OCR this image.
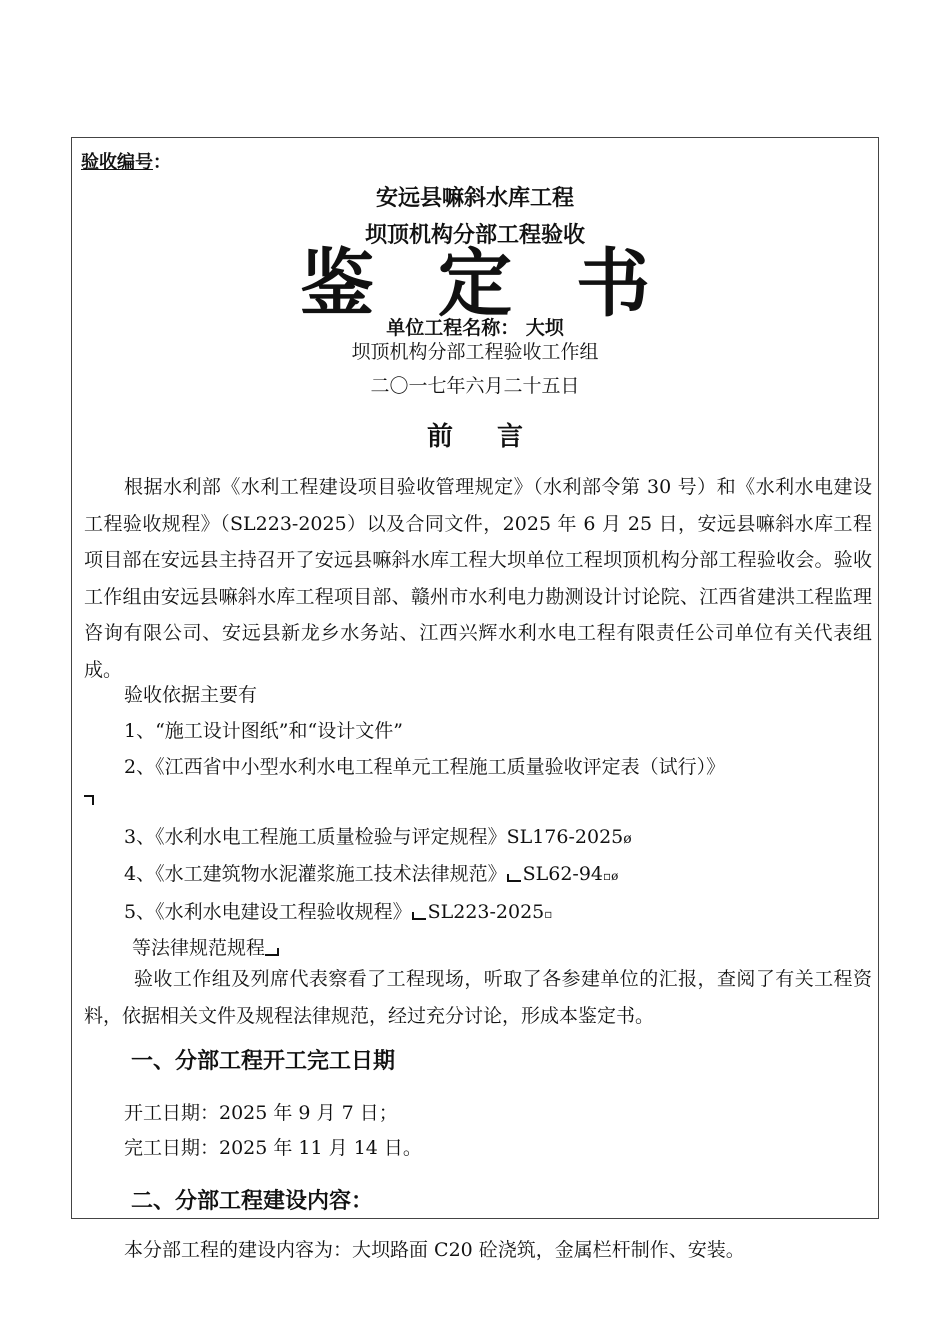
验收编号：
安远县嘛斜水库工程
坝顶机构分部工程验收
鉴 定 书
单位工程名称： 大坝
坝顶机构分部工程验收工作组
二〇一七年六月二十五日
前 言
根据水利部《水利工程建设项目验收管理规定》（水利部令第 30 号）和《水利水电建设工程验收规程》（SL223-2025）以及合同文件，2025 年 6 月 25 日，安远县嘛斜水库工程项目部在安远县主持召开了安远县嘛斜水库工程大坝单位工程坝顶机构分部工程验收会。验收工作组由安远县嘛斜水库工程项目部、赣州市水利电力勘测设计讨论院、江西省建洪工程监理咨询有限公司、安远县新龙乡水务站、江西兴辉水利水电工程有限责任公司单位有关代表组成。
验收依据主要有
1、“施工设计图纸”和“设计文件”
2、《江西省中小型水利水电工程单元工程施工质量验收评定表（试行）》
3、《水利水电工程施工质量检验与评定规程》SL176-2025ø
4、《水工建筑物水泥灌浆施工技术法律规范》 SL62-94▫ø
5、《水利水电建设工程验收规程》 SL223-2025▫
等法律规范规程
验收工作组及列席代表察看了工程现场，听取了各参建单位的汇报，查阅了有关工程资料，依据相关文件及规程法律规范，经过充分讨论，形成本鉴定书。
一、分部工程开工完工日期
开工日期：2025 年 9 月 7 日；
完工日期：2025 年 11 月 14 日。
二、分部工程建设内容：
本分部工程的建设内容为：大坝路面 C20 砼浇筑，金属栏杆制作、安装。
